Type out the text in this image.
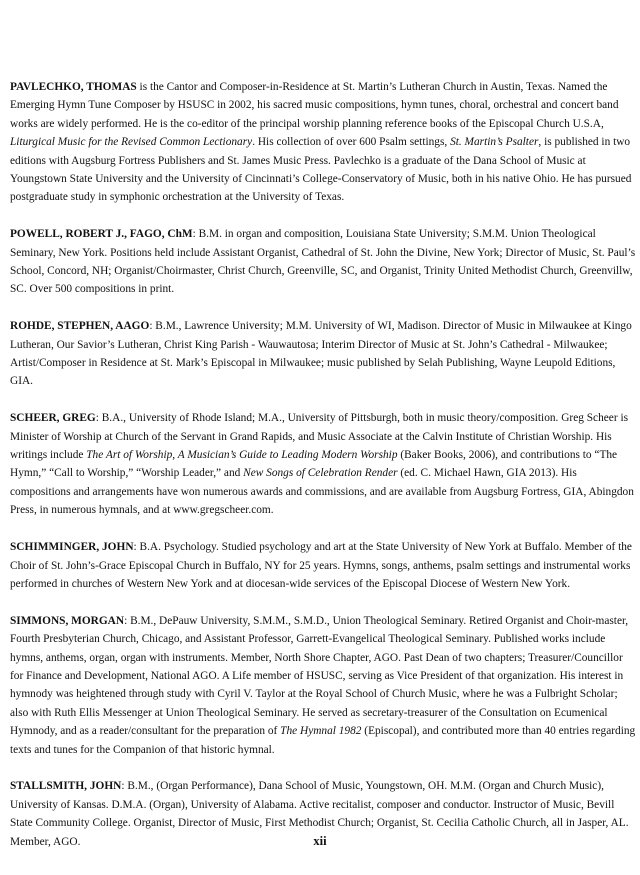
PAVLECHKO, THOMAS is the Cantor and Composer-in-Residence at St. Martin’s Lutheran Church in Austin, Texas. Named the Emerging Hymn Tune Composer by HSUSC in 2002, his sacred music compositions, hymn tunes, choral, orchestral and concert band works are widely performed. He is the co-editor of the principal worship planning reference books of the Episcopal Church U.S.A, Liturgical Music for the Revised Common Lectionary. His collection of over 600 Psalm settings, St. Martin’s Psalter, is published in two editions with Augsburg Fortress Publishers and St. James Music Press. Pavlechko is a graduate of the Dana School of Music at Youngstown State University and the University of Cincinnati’s College-Conservatory of Music, both in his native Ohio. He has pursued postgraduate study in symphonic orchestration at the University of Texas.

POWELL, ROBERT J., FAGO, ChM: B.M. in organ and composition, Louisiana State University; S.M.M. Union Theological Seminary, New York. Positions held include Assistant Organist, Cathedral of St. John the Divine, New York; Director of Music, St. Paul’s School, Concord, NH; Organist/Choirmaster, Christ Church, Greenville, SC, and Organist, Trinity United Methodist Church, Greenvillw, SC. Over 500 compositions in print.

ROHDE, STEPHEN, AAGO: B.M., Lawrence University; M.M. University of WI, Madison. Director of Music in Milwaukee at Kingo Lutheran, Our Savior’s Lutheran, Christ King Parish - Wauwautosa; Interim Director of Music at St. John’s Cathedral - Milwaukee; Artist/Composer in Residence at St. Mark’s Episcopal in Milwaukee; music published by Selah Publishing, Wayne Leupold Editions, GIA.

SCHEER, GREG: B.A., University of Rhode Island; M.A., University of Pittsburgh, both in music theory/composition. Greg Scheer is Minister of Worship at Church of the Servant in Grand Rapids, and Music Associate at the Calvin Institute of Christian Worship. His writings include The Art of Worship, A Musician’s Guide to Leading Modern Worship (Baker Books, 2006), and contributions to “The Hymn,” “Call to Worship,” “Worship Leader,” and New Songs of Celebration Render (ed. C. Michael Hawn, GIA 2013). His compositions and arrangements have won numerous awards and commissions, and are available from Augsburg Fortress, GIA, Abingdon Press, in numerous hymnals, and at www.gregscheer.com.

SCHIMMINGER, JOHN: B.A. Psychology. Studied psychology and art at the State University of New York at Buffalo. Member of the Choir of St. John’s-Grace Episcopal Church in Buffalo, NY for 25 years. Hymns, songs, anthems, psalm settings and instrumental works performed in churches of Western New York and at diocesan-wide services of the Episcopal Diocese of Western New York.

SIMMONS, MORGAN: B.M., DePauw University, S.M.M., S.M.D., Union Theological Seminary. Retired Organist and Choir-master, Fourth Presbyterian Church, Chicago, and Assistant Professor, Garrett-Evangelical Theological Seminary. Published works include hymns, anthems, organ, organ with instruments. Member, North Shore Chapter, AGO. Past Dean of two chapters; Treasurer/Councillor for Finance and Development, National AGO. A Life member of HSUSC, serving as Vice President of that organization. His interest in hymnody was heightened through study with Cyril V. Taylor at the Royal School of Church Music, where he was a Fulbright Scholar; also with Ruth Ellis Messenger at Union Theological Seminary. He served as secretary-treasurer of the Consultation on Ecumenical Hymnody, and as a reader/consultant for the preparation of The Hymnal 1982 (Episcopal), and contributed more than 40 entries regarding texts and tunes for the Companion of that historic hymnal.

STALLSMITH, JOHN: B.M., (Organ Performance), Dana School of Music, Youngstown, OH. M.M. (Organ and Church Music), University of Kansas. D.M.A. (Organ), University of Alabama. Active recitalist, composer and conductor. Instructor of Music, Bevill State Community College. Organist, Director of Music, First Methodist Church; Organist, St. Cecilia Catholic Church, all in Jasper, AL. Member, AGO.	xii
